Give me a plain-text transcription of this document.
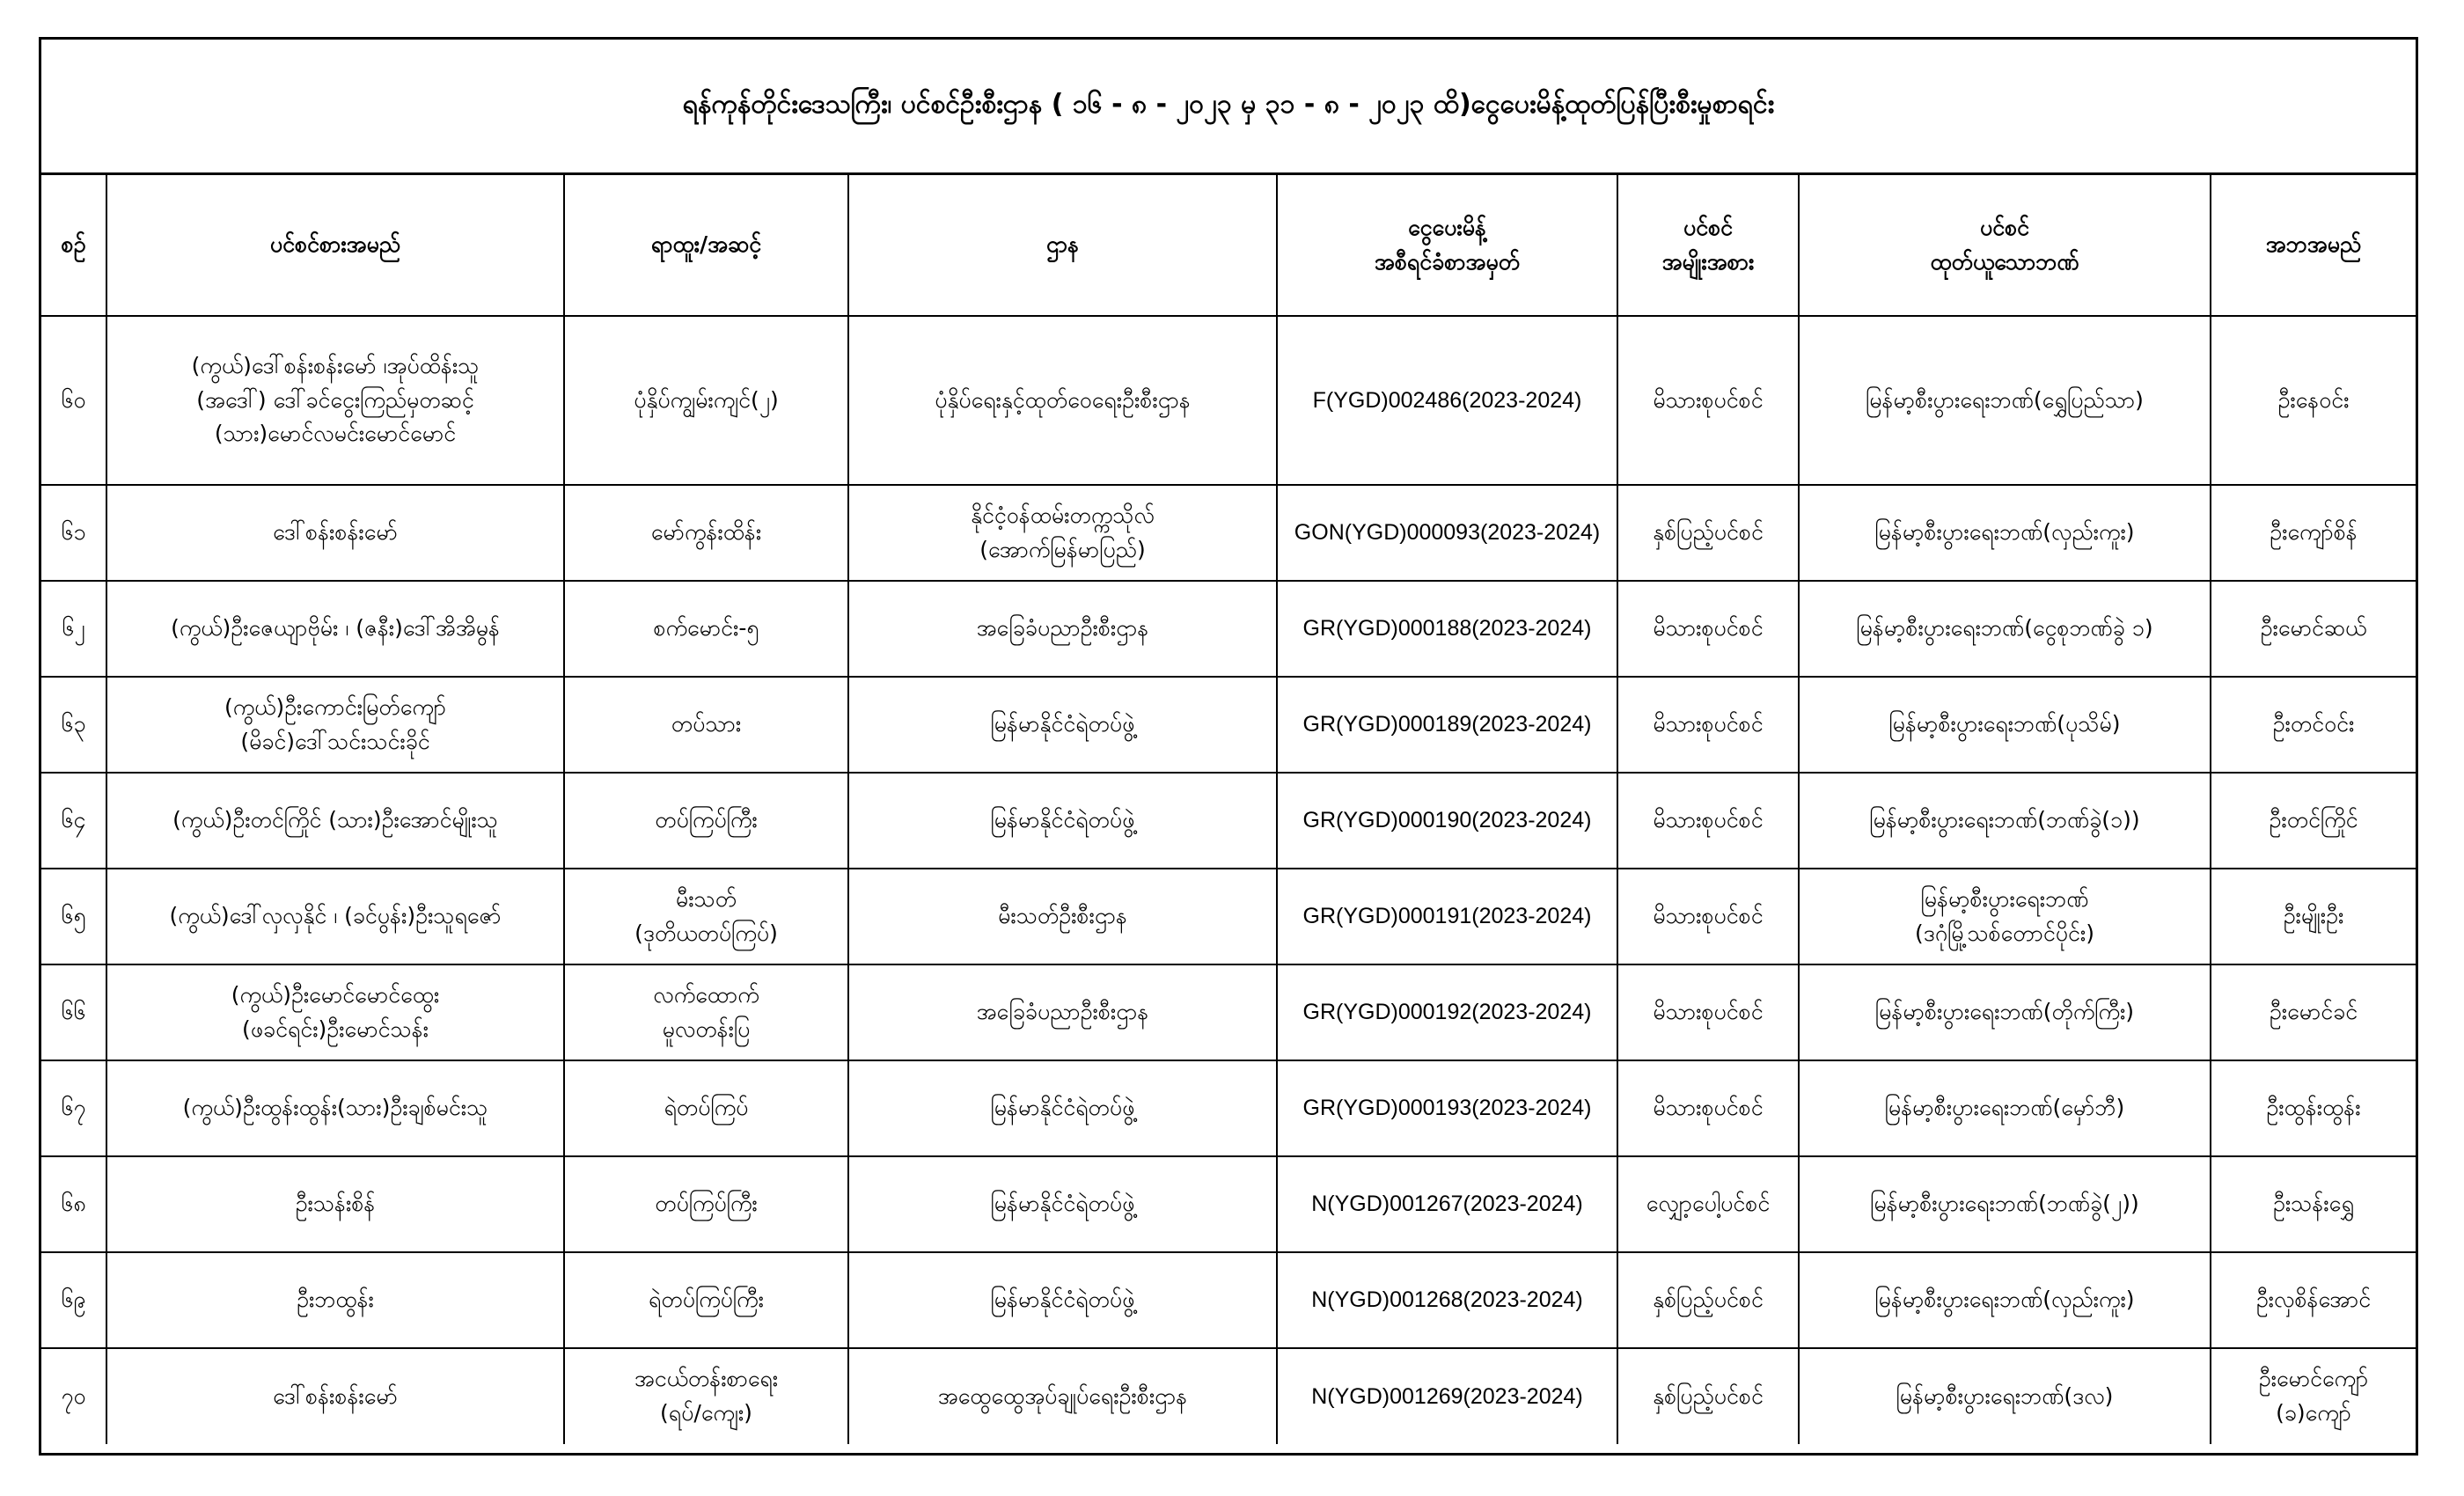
ရန်ကုန်တိုင်းဒေသကြီး၊ ပင်စင်ဦးစီးဌာန ( ၁၆ - ၈ - ၂၀၂၃ မှ ၃၁ - ၈ - ၂၀၂၃ ထိ)ငွေပေးမိန့်ထုတ်ပြန်ပြီးစီးမှုစာရင်း
စဉ်	ပင်စင်စားအမည်	ရာထူး/အဆင့်	ဌာန	ငွေပေးမိန့်
အစီရင်ခံစာအမှတ်	ပင်စင်
အမျိုးအစား	ပင်စင်
ထုတ်ယူသောဘဏ်	အဘအမည်
၆၀	(ကွယ်)ဒေါ်စန်းစန်းမော် ၊အုပ်ထိန်းသူ
(အဒေါ်) ဒေါ်ခင်ငွေးကြည်မှတဆင့်
(သား)မောင်လမင်းမောင်မောင်	ပုံနှိပ်ကျွမ်းကျင်(၂)	ပုံနှိပ်ရေးနှင့်ထုတ်ဝေရေးဦးစီးဌာန	F(YGD)002486(2023-2024)	မိသားစုပင်စင်	မြန်မာ့စီးပွားရေးဘဏ်(ရွှေပြည်သာ)	ဦးနေဝင်း
၆၁	ဒေါ်စန်းစန်းမော်	မော်ကွန်းထိန်း	နိုင်ငံ့ဝန်ထမ်းတက္ကသိုလ်
(အောက်မြန်မာပြည်)	GON(YGD)000093(2023-2024)	နှစ်ပြည့်ပင်စင်	မြန်မာ့စီးပွားရေးဘဏ်(လှည်းကူး)	ဦးကျော်စိန်
၆၂	(ကွယ်)ဦးဇေယျာဗိုမ်း ၊ (ဇနီး)ဒေါ်အိအိမွန်	စက်မောင်း-၅	အခြေခံပညာဦးစီးဌာန	GR(YGD)000188(2023-2024)	မိသားစုပင်စင်	မြန်မာ့စီးပွားရေးဘဏ်(ငွေစုဘဏ်ခွဲ ၁)	ဦးမောင်ဆယ်
၆၃	(ကွယ်)ဦးကောင်းမြတ်ကျော်
(မိခင်)ဒေါ်သင်းသင်းခိုင်	တပ်သား	မြန်မာနိုင်ငံရဲတပ်ဖွဲ့	GR(YGD)000189(2023-2024)	မိသားစုပင်စင်	မြန်မာ့စီးပွားရေးဘဏ်(ပုသိမ်)	ဦးတင်ဝင်း
၆၄	(ကွယ်)ဦးတင်ကြိုင် (သား)ဦးအောင်မျိုးသူ	တပ်ကြပ်ကြီး	မြန်မာနိုင်ငံရဲတပ်ဖွဲ့	GR(YGD)000190(2023-2024)	မိသားစုပင်စင်	မြန်မာ့စီးပွားရေးဘဏ်(ဘဏ်ခွဲ(၁))	ဦးတင်ကြိုင်
၆၅	(ကွယ်)ဒေါ်လှလှနိုင် ၊ (ခင်ပွန်း)ဦးသူရဇော်	မီးသတ်
(ဒုတိယတပ်ကြပ်)	မီးသတ်ဦးစီးဌာန	GR(YGD)000191(2023-2024)	မိသားစုပင်စင်	မြန်မာ့စီးပွားရေးဘဏ်
(ဒဂုံမြို့သစ်တောင်ပိုင်း)	ဦးမျိုးဦး
၆၆	(ကွယ်)ဦးမောင်မောင်ထွေး
(ဖခင်ရင်း)ဦးမောင်သန်း	လက်ထောက်
မူလတန်းပြ	အခြေခံပညာဦးစီးဌာန	GR(YGD)000192(2023-2024)	မိသားစုပင်စင်	မြန်မာ့စီးပွားရေးဘဏ်(တိုက်ကြီး)	ဦးမောင်ခင်
၆၇	(ကွယ်)ဦးထွန်းထွန်း(သား)ဦးချစ်မင်းသူ	ရဲတပ်ကြပ်	မြန်မာနိုင်ငံရဲတပ်ဖွဲ့	GR(YGD)000193(2023-2024)	မိသားစုပင်စင်	မြန်မာ့စီးပွားရေးဘဏ်(မှော်ဘီ)	ဦးထွန်းထွန်း
၆၈	ဦးသန်းစိန်	တပ်ကြပ်ကြီး	မြန်မာနိုင်ငံရဲတပ်ဖွဲ့	N(YGD)001267(2023-2024)	လျှော့ပေါ့ပင်စင်	မြန်မာ့စီးပွားရေးဘဏ်(ဘဏ်ခွဲ(၂))	ဦးသန်းရွှေ
၆၉	ဦးဘထွန်း	ရဲတပ်ကြပ်ကြီး	မြန်မာနိုင်ငံရဲတပ်ဖွဲ့	N(YGD)001268(2023-2024)	နှစ်ပြည့်ပင်စင်	မြန်မာ့စီးပွားရေးဘဏ်(လှည်းကူး)	ဦးလှစိန်အောင်
၇၀	ဒေါ်စန်းစန်းမော်	အငယ်တန်းစာရေး
(ရပ်/ကျေး)	အထွေထွေအုပ်ချုပ်ရေးဦးစီးဌာန	N(YGD)001269(2023-2024)	နှစ်ပြည့်ပင်စင်	မြန်မာ့စီးပွားရေးဘဏ်(ဒလ)	ဦးမောင်ကျော်
(ခ)ကျော်
